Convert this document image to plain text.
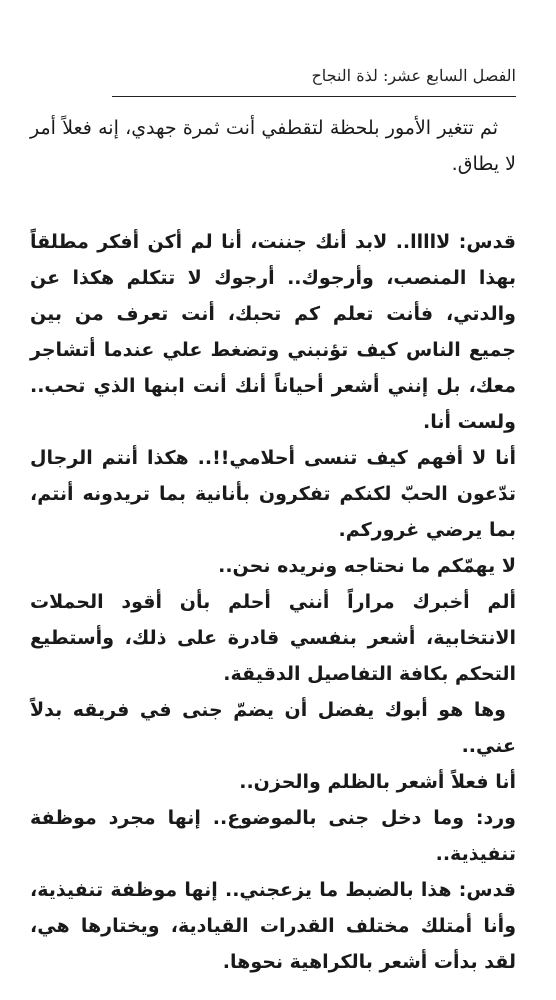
الفصل السابع عشر: لذة النجاح

ثم تتغير الأمور بلحظة لتقطفي أنت ثمرة جهدي، إنه فعلاً أمر لا يطاق.

قدس: لااااا.. لابد أنك جننت، أنا لم أكن أفكر مطلقاً بهذا المنصب، وأرجوك.. أرجوك لا تتكلم هكذا عن والدتي، فأنت تعلم كم تحبك، أنت تعرف من بين جميع الناس كيف تؤنبني وتضغط علي عندما أتشاجر معك، بل إنني أشعر أحياناً أنك أنت ابنها الذي تحب.. ولست أنا.

أنا لا أفهم كيف تنسى أحلامي!!.. هكذا أنتم الرجال تدّعون الحبّ لكنكم تفكرون بأنانية بما تريدونه أنتم، بما يرضي غروركم.

لا يهمّكم ما نحتاجه ونريده نحن..

ألم أخبرك مراراً أنني أحلم بأن أقود الحملات الانتخابية، أشعر بنفسي قادرة على ذلك، وأستطيع التحكم بكافة التفاصيل الدقيقة.

وها هو أبوك يفضل أن يضمّ جنى في فريقه بدلاً عني..

أنا فعلاً أشعر بالظلم والحزن..

ورد: وما دخل جنى بالموضوع.. إنها مجرد موظفة تنفيذية..

قدس: هذا بالضبط ما يزعجني.. إنها موظفة تنفيذية، وأنا أمتلك مختلف القدرات القيادية، ويختارها هي، لقد بدأت أشعر بالكراهية نحوها.
